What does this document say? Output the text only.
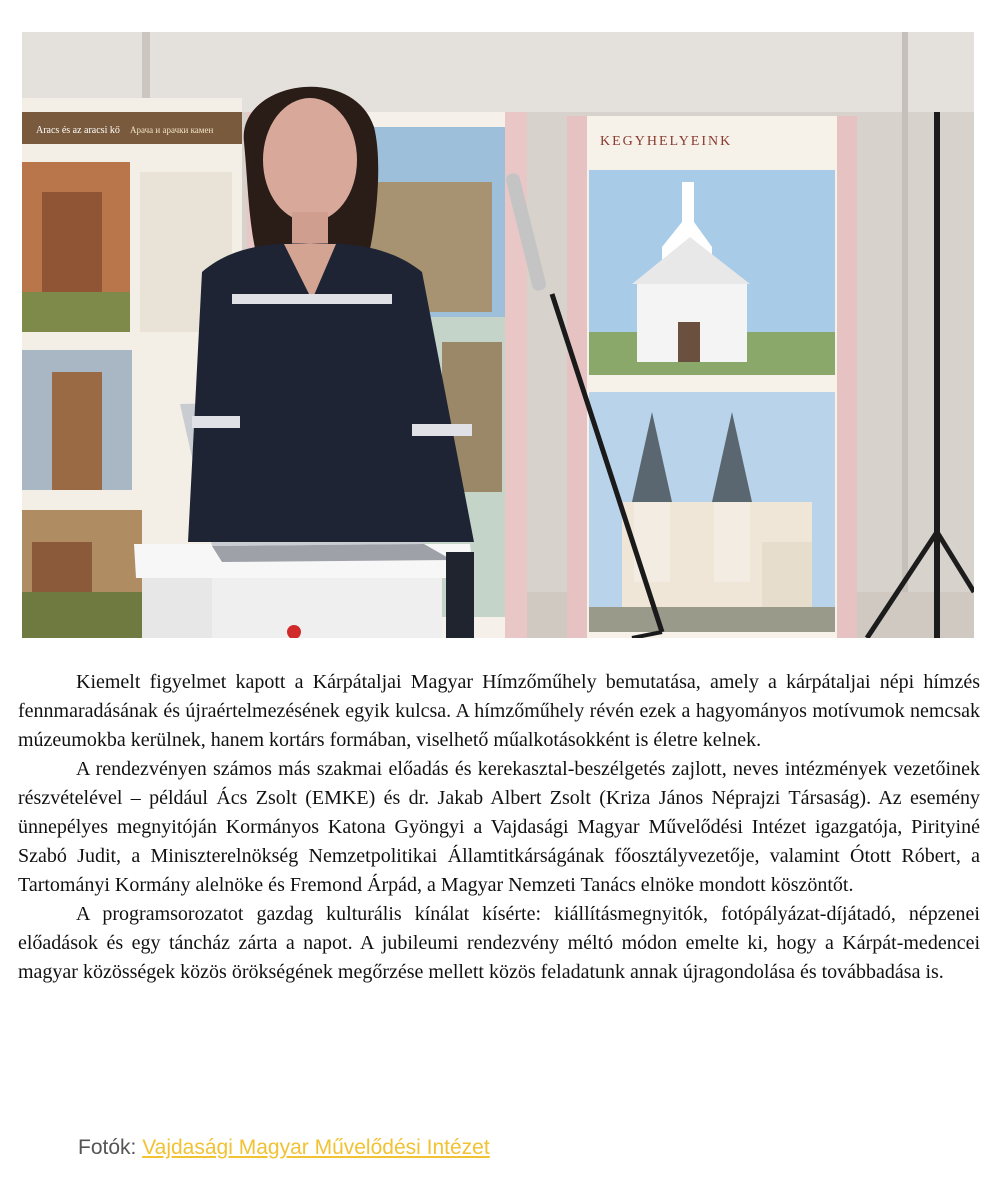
Aracs és az aracsi kő Арача и арачки камен
KEGYHELYEINK

Kiemelt figyelmet kapott a Kárpátaljai Magyar Hímzőműhely bemutatása, amely a kárpátaljai népi hímzés fennmaradásának és újraértelmezésének egyik kulcsa. A hímzőműhely révén ezek a hagyományos motívumok nemcsak múzeumokba kerülnek, hanem kortárs formában, viselhető műalkotásokként is életre kelnek.

A rendezvényen számos más szakmai előadás és kerekasztal-beszélgetés zajlott, neves intézmények vezetőinek részvételével – például Ács Zsolt (EMKE) és dr. Jakab Albert Zsolt (Kriza János Néprajzi Társaság). Az esemény ünnepélyes megnyitóján Kormányos Katona Gyöngyi a Vajdasági Magyar Művelődési Intézet igazgatója, Pirityiné Szabó Judit, a Miniszterelnökség Nemzetpolitikai Államtitkárságának főosztályvezetője, valamint Ótott Róbert, a Tartományi Kormány alelnöke és Fremond Árpád, a Magyar Nemzeti Tanács elnöke mondott köszöntőt.

A programsorozatot gazdag kulturális kínálat kísérte: kiállításmegnyitók, fotópályázat-díjátadó, népzenei előadások és egy táncház zárta a napot. A jubileumi rendezvény méltó módon emelte ki, hogy a Kárpát-medencei magyar közösségek közös örökségének megőrzése mellett közös feladatunk annak újragondolása és továbbadása is.

Fotók: Vajdasági Magyar Művelődési Intézet
